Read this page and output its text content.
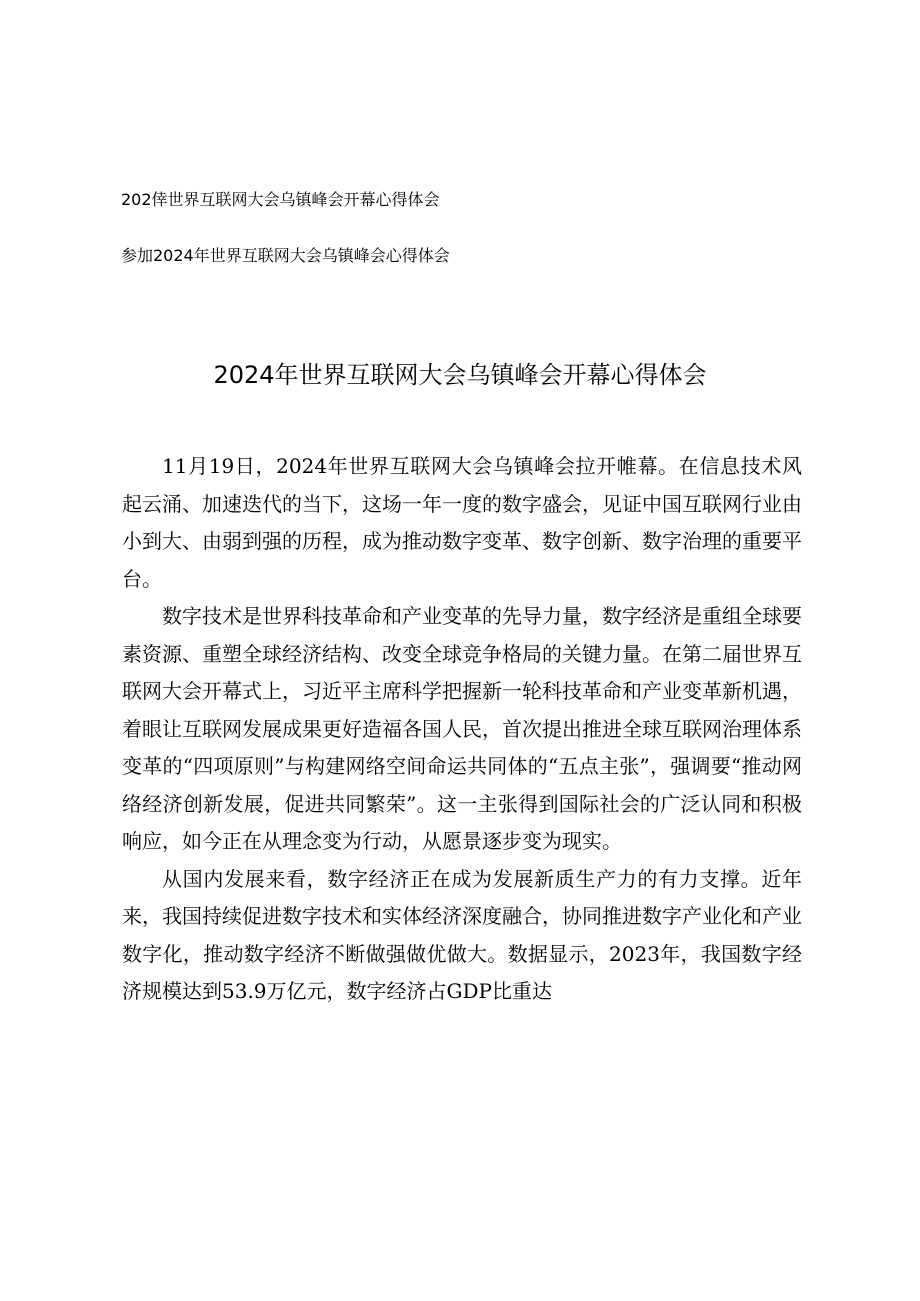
202倖世界互联网大会乌镇峰会开幕心得体会
参加2024年世界互联网大会乌镇峰会心得体会
2024年世界互联网大会乌镇峰会开幕心得体会

11月19日，2024年世界互联网大会乌镇峰会拉开帷幕。在信息技术风起云涌、加速迭代的当下，这场一年一度的数字盛会，见证中国互联网行业由小到大、由弱到强的历程，成为推动数字变革、数字创新、数字治理的重要平台。

数字技术是世界科技革命和产业变革的先导力量，数字经济是重组全球要素资源、重塑全球经济结构、改变全球竞争格局的关键力量。在第二届世界互联网大会开幕式上，习近平主席科学把握新一轮科技革命和产业变革新机遇，着眼让互联网发展成果更好造福各国人民，首次提出推进全球互联网治理体系变革的“四项原则”与构建网络空间命运共同体的“五点主张”，强调要“推动网络经济创新发展，促进共同繁荣”。这一主张得到国际社会的广泛认同和积极响应，如今正在从理念变为行动，从愿景逐步变为现实。

从国内发展来看，数字经济正在成为发展新质生产力的有力支撑。近年来，我国持续促进数字技术和实体经济深度融合，协同推进数字产业化和产业数字化，推动数字经济不断做强做优做大。数据显示，2023年，我国数字经济规模达到53.9万亿元，数字经济占GDP比重达
